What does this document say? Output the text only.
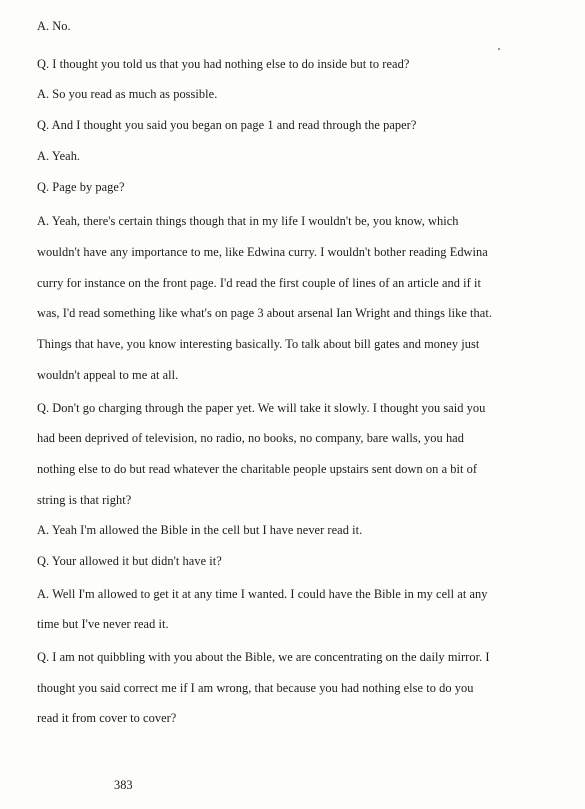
A. No.
Q. I thought you told us that you had nothing else to do inside but to read?
A. So you read as much as possible.
Q. And I thought you said you began on page 1 and read through the paper?
A. Yeah.
Q. Page by page?
A. Yeah, there's certain things though that in my life I wouldn't be, you know, which
wouldn't have any importance to me, like Edwina curry. I wouldn't bother reading Edwina
curry for instance on the front page. I'd read the first couple of lines of an article and if it
was, I'd read something like what's on page 3 about arsenal Ian Wright and things like that.
Things that have, you know interesting basically. To talk about bill gates and money just
wouldn't appeal to me at all.
Q. Don't go charging through the paper yet. We will take it slowly. I thought you said you
had been deprived of television, no radio, no books, no company, bare walls, you had
nothing else to do but read whatever the charitable people upstairs sent down on a bit of
string is that right?
A. Yeah I'm allowed the Bible in the cell but I have never read it.
Q. Your allowed it but didn't have it?
A. Well I'm allowed to get it at any time I wanted. I could have the Bible in my cell at any
time but I've never read it.
Q. I am not quibbling with you about the Bible, we are concentrating on the daily mirror. I
thought you said correct me if I am wrong, that because you had nothing else to do you
read it from cover to cover?
383
